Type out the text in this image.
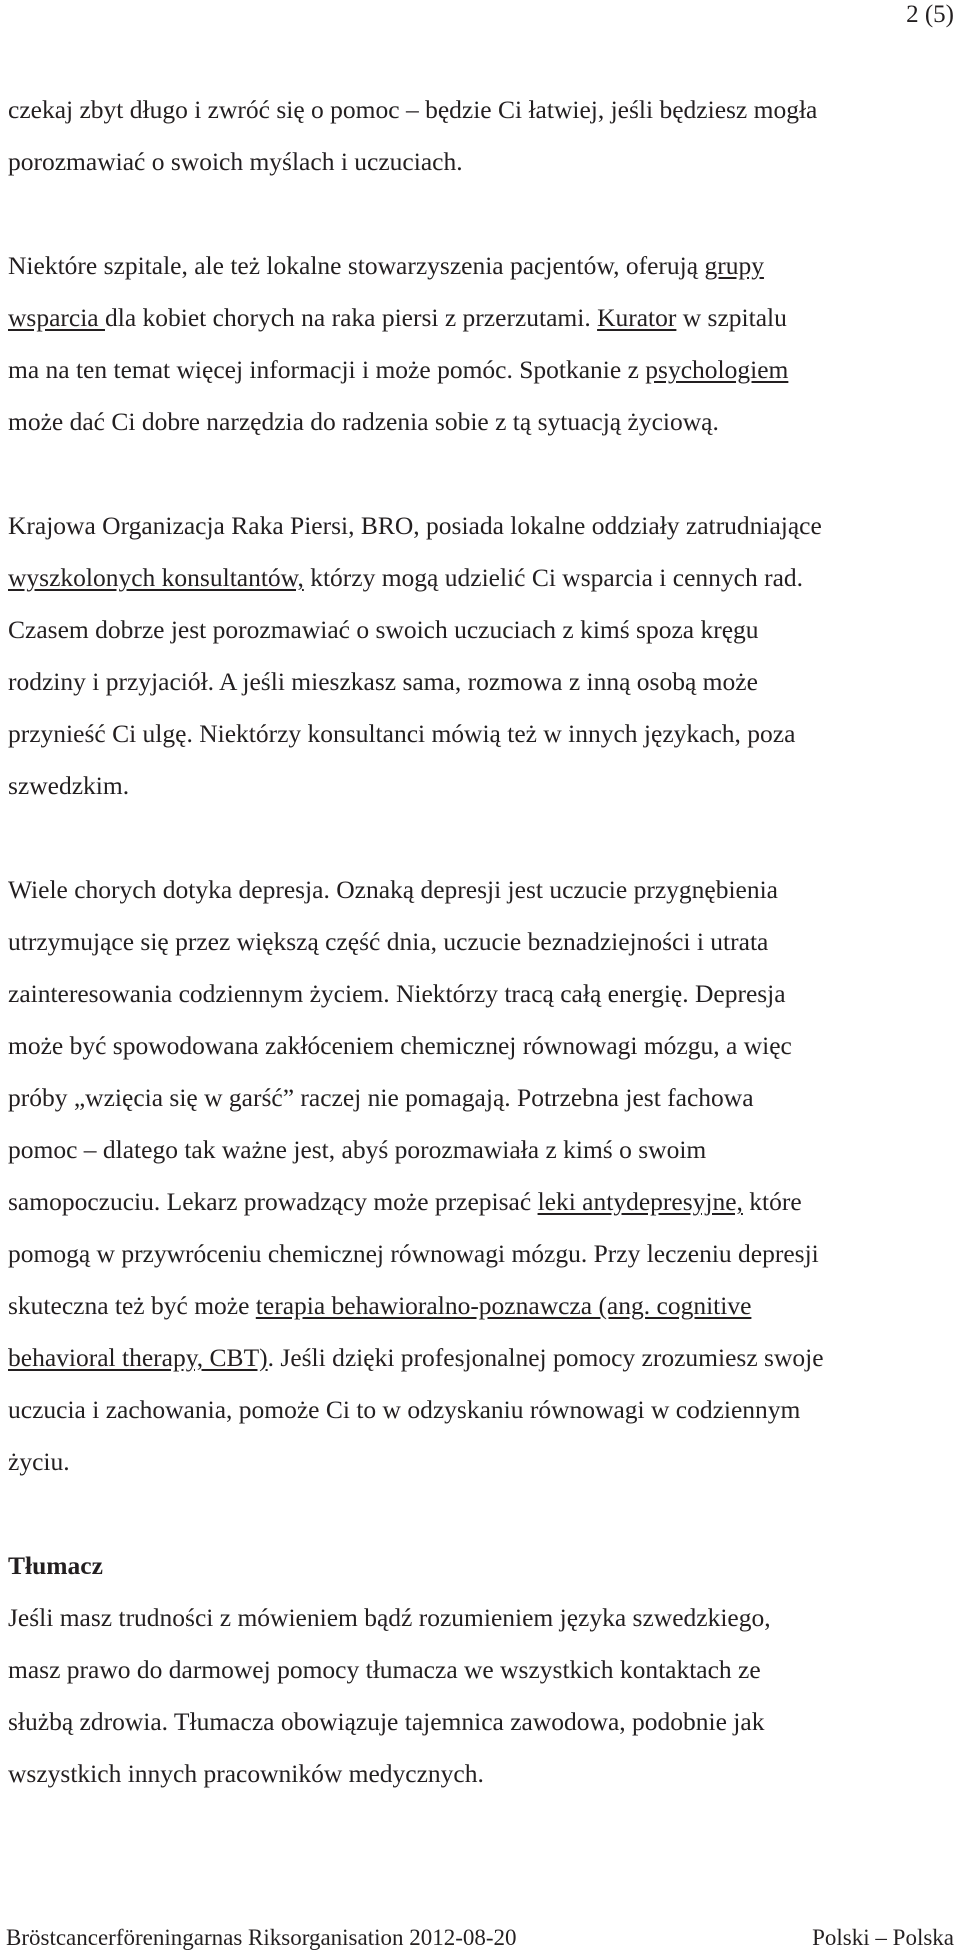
2 (5)
czekaj zbyt długo i zwróć się o pomoc – będzie Ci łatwiej, jeśli będziesz mogła
porozmawiać o swoich myślach i uczuciach.
Niektóre szpitale, ale też lokalne stowarzyszenia pacjentów, oferują grupy
wsparcia dla kobiet chorych na raka piersi z przerzutami. Kurator w szpitalu
ma na ten temat więcej informacji i może pomóc. Spotkanie z psychologiem
może dać Ci dobre narzędzia do radzenia sobie z tą sytuacją życiową.
Krajowa Organizacja Raka Piersi, BRO, posiada lokalne oddziały zatrudniające
wyszkolonych konsultantów, którzy mogą udzielić Ci wsparcia i cennych rad.
Czasem dobrze jest porozmawiać o swoich uczuciach z kimś spoza kręgu
rodziny i przyjaciół. A jeśli mieszkasz sama, rozmowa z inną osobą może
przynieść Ci ulgę. Niektórzy konsultanci mówią też w innych językach, poza
szwedzkim.
Wiele chorych dotyka depresja. Oznaką depresji jest uczucie przygnębienia
utrzymujące się przez większą część dnia, uczucie beznadziejności i utrata
zainteresowania codziennym życiem. Niektórzy tracą całą energię. Depresja
może być spowodowana zakłóceniem chemicznej równowagi mózgu, a więc
próby „wzięcia się w garść” raczej nie pomagają. Potrzebna jest fachowa
pomoc – dlatego tak ważne jest, abyś porozmawiała z kimś o swoim
samopoczuciu. Lekarz prowadzący może przepisać leki antydepresyjne, które
pomogą w przywróceniu chemicznej równowagi mózgu. Przy leczeniu depresji
skuteczna też być może terapia behawioralno-poznawcza (ang. cognitive
behavioral therapy, CBT). Jeśli dzięki profesjonalnej pomocy zrozumiesz swoje
uczucia i zachowania, pomoże Ci to w odzyskaniu równowagi w codziennym
życiu.
Tłumacz
Jeśli masz trudności z mówieniem bądź rozumieniem języka szwedzkiego,
masz prawo do darmowej pomocy tłumacza we wszystkich kontaktach ze
służbą zdrowia. Tłumacza obowiązuje tajemnica zawodowa, podobnie jak
wszystkich innych pracowników medycznych.
Bröstcancerföreningarnas Riksorganisation 2012-08-20	Polski – Polska
